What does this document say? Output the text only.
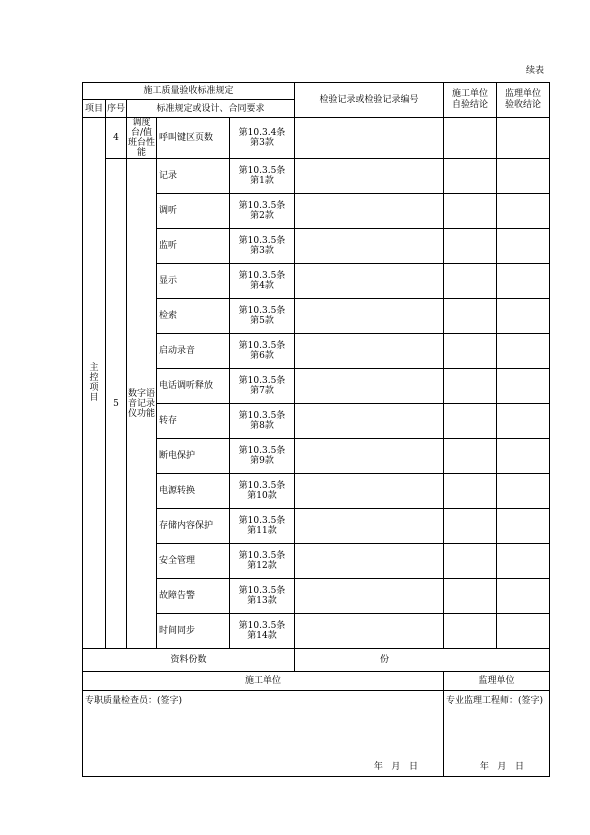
续表
施工质量验收标准规定					检验记录或检验记录编号	施工单位自验结论	监理单位验收结论

项目	序号	标准规定或设计、合同要求					
主控项目	4	调度台/值班台性能	呼叫键区页数	第10.3.4条
第3款			

	5	数字语音记录仪功能	记录	第10.3.5条
第1款			

			调听	第10.3.5条
第2款			

			监听	第10.3.5条
第3款			

			显示	第10.3.5条
第4款			

			检索	第10.3.5条
第5款			

			启动录音	第10.3.5条
第6款			

			电话调听释放	第10.3.5条
第7款			

			转存	第10.3.5条
第8款			

			断电保护	第10.3.5条
第9款			

			电源转换	第10.3.5条
第10款			

			存储内容保护	第10.3.5条
第11款			

			安全管理	第10.3.5条
第12款			

			故障告警	第10.3.5条
第13款			

			时间同步	第10.3.5条
第14款			

资料份数					份		
施工单位						监理单位	

专职质量检查员：(签字)
年   月   日						专业监理工程师：(签字)
年   月   日	
